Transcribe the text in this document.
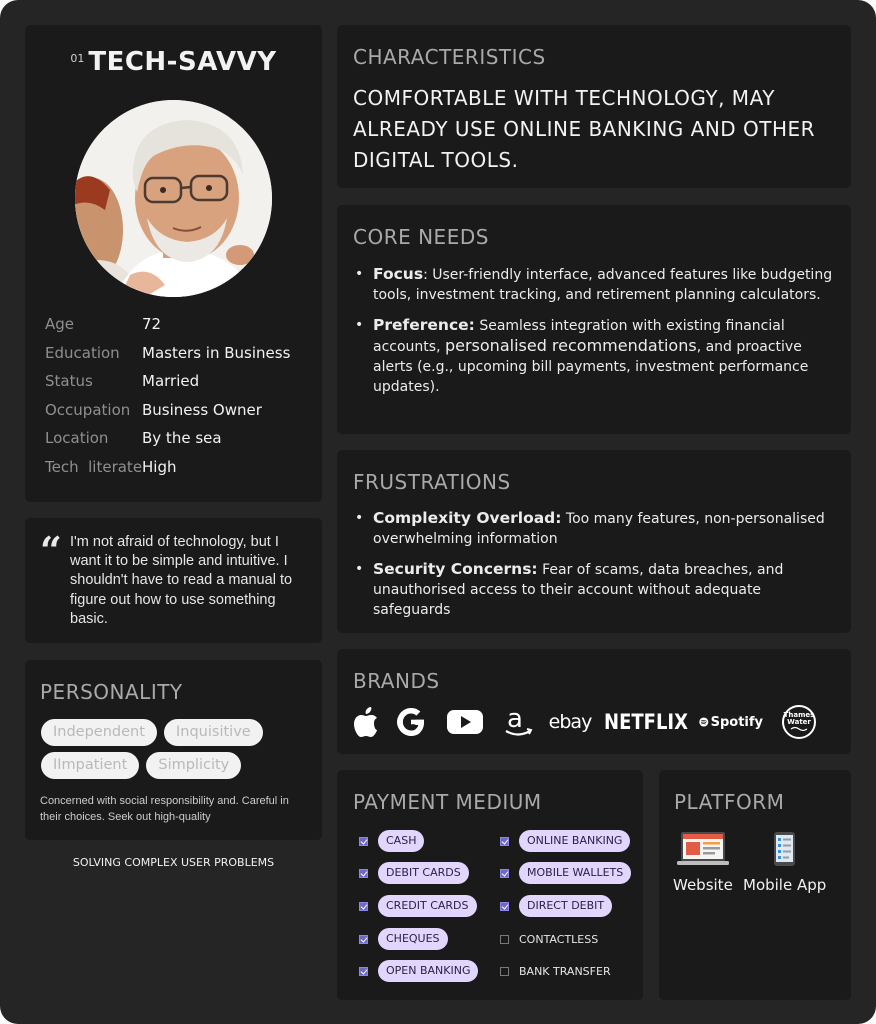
$^{01}$ TECH-SAVVY
Age	72
Education Masters in Business
Status	Married
Occupation Business Owner
Location By the sea
Tech  literate High
“ I'm not afraid of technology, but I want it to be simple and intuitive. I shouldn't have to read a manual to figure out how to use something basic.
PERSONALITY
Independent Inquisitive IImpatient Simplicity
Concerned with social responsibility and. Careful in their choices. Seek out high-quality
SOLVING COMPLEX USER PROBLEMS
CHARACTERISTICS
COMFORTABLE WITH TECHNOLOGY, MAY ALREADY USE ONLINE BANKING AND OTHER DIGITAL TOOLS.
CORE NEEDS
• Focus: User-friendly interface, advanced features like budgeting tools, investment tracking, and retirement planning calculators.
• Preference: Seamless integration with existing financial accounts, personalised recommendations, and proactive alerts (e.g., upcoming bill payments, investment performance updates).
FRUSTRATIONS
• Complexity Overload: Too many features, non-personalised overwhelming information
• Security Concerns: Fear of scams, data breaches, and unauthorised access to their account without adequate safeguards
BRANDS
a ebay NETFLIX Spotify	Thames
Water
PAYMENT MEDIUM
CASH
DEBIT CARDS
CREDIT CARDS
CHEQUES
OPEN BANKING
ONLINE BANKING
MOBILE WALLETS
DIRECT DEBIT
CONTACTLESS
BANK TRANSFER
PLATFORM
Website Mobile App
